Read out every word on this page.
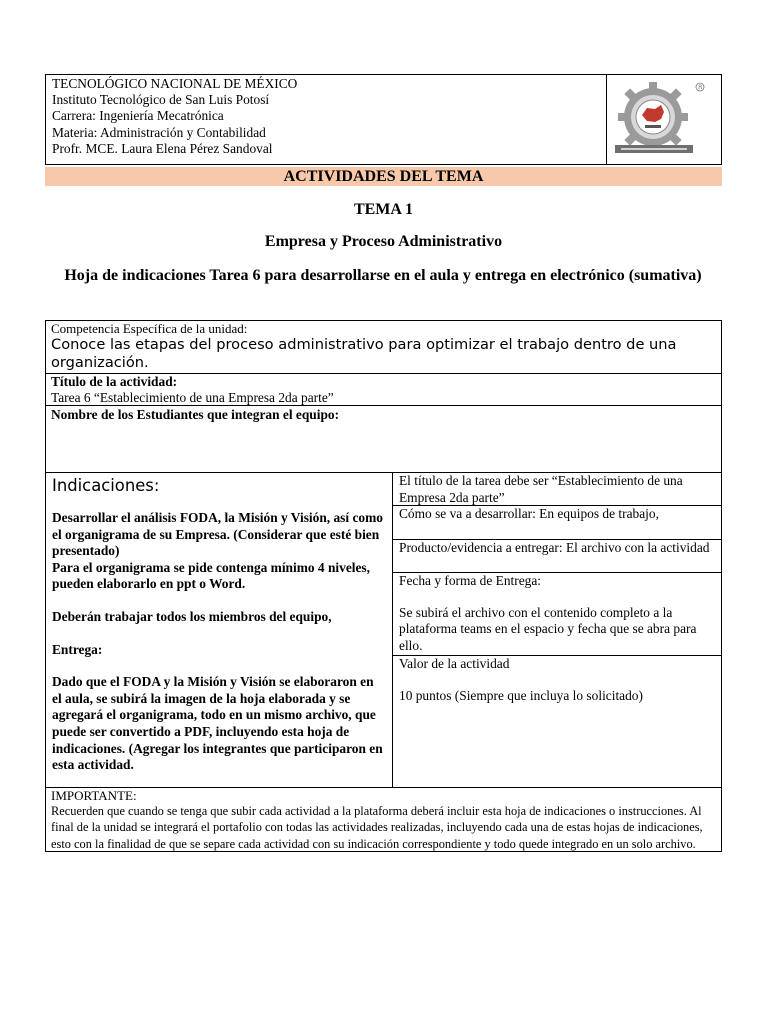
TECNOLÓGICO NACIONAL DE MÉXICO
Instituto Tecnológico de San Luis Potosí
Carrera: Ingeniería Mecatrónica
Materia: Administración y Contabilidad
Profr. MCE. Laura Elena Pérez Sandoval
R
ACTIVIDADES DEL TEMA
TEMA 1
Empresa y Proceso Administrativo
Hoja de indicaciones Tarea 6 para desarrollarse en el aula y entrega en electrónico (sumativa)
Competencia Específica de la unidad:
Conoce las etapas del proceso administrativo para optimizar el trabajo dentro de una organización.
Título de la actividad:
Tarea 6 “Establecimiento de una Empresa 2da parte”
Nombre de los Estudiantes que integran el equipo:

Indicaciones:

Desarrollar el análisis FODA, la Misión y Visión, así como el organigrama de su Empresa. (Considerar que esté bien presentado)

Para el organigrama se pide contenga mínimo 4 niveles, pueden elaborarlo en ppt o Word.

Deberán trabajar todos los miembros del equipo,

Entrega:

Dado que el FODA y la Misión y Visión se elaboraron en el aula, se subirá la imagen de la hoja elaborada y se agregará el organigrama, todo en un mismo archivo, que puede ser convertido a PDF, incluyendo esta hoja de indicaciones. (Agregar los integrantes que participaron en esta actividad.

El título de la tarea debe ser “Establecimiento de una Empresa 2da parte”
Cómo se va a desarrollar: En equipos de trabajo,
Producto/evidencia a entregar: El archivo con la actividad
Fecha y forma de Entrega:
Se subirá el archivo con el contenido completo a la plataforma teams en el espacio y fecha que se abra para ello.
Valor de la actividad
10 puntos (Siempre que incluya lo solicitado)
IMPORTANTE:
Recuerden que cuando se tenga que subir cada actividad a la plataforma deberá incluir esta hoja de indicaciones o instrucciones. Al final de la unidad se integrará el portafolio con todas las actividades realizadas, incluyendo cada una de estas hojas de indicaciones, esto con la finalidad de que se separe cada actividad con su indicación correspondiente y todo quede integrado en un solo archivo.
